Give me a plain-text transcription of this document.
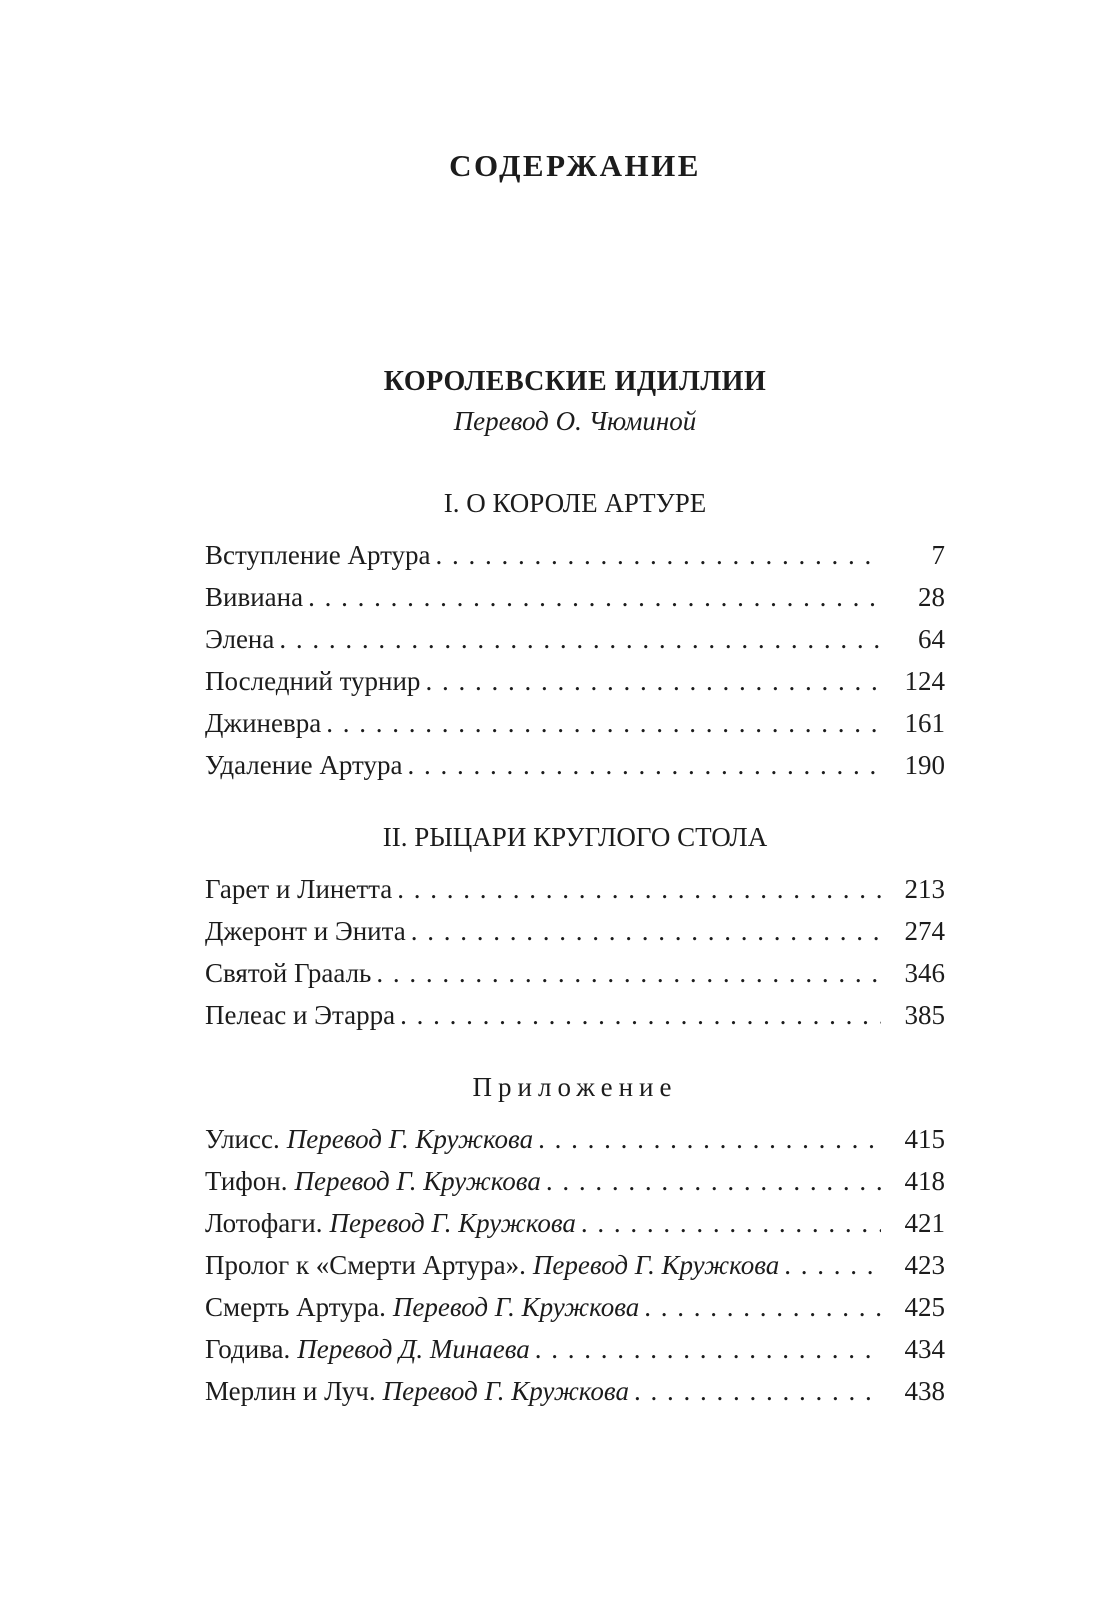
СОДЕРЖАНИЕ
КОРОЛЕВСКИЕ ИДИЛЛИИ
Перевод О. Чюминой
I. О КОРОЛЕ АРТУРЕ
Вступление Артура . . .	7
Вивиана . . .	28
Элена . . .	64
Последний турнир . . .	124
Джиневра . . .	161
Удаление Артура . . .	190
II. РЫЦАРИ КРУГЛОГО СТОЛА
Гарет и Линетта . . .	213
Джеронт и Энита . . .	274
Святой Грааль . . .	346
Пелеас и Этарра . . .	385
Приложение
Улисс. Перевод Г. Кружкова . . .	415
Тифон. Перевод Г. Кружкова . . .	418
Лотофаги. Перевод Г. Кружкова . . .	421
Пролог к «Смерти Артура». Перевод Г. Кружкова . . .	423
Смерть Артура. Перевод Г. Кружкова . . .	425
Годива. Перевод Д. Минаева . . .	434
Мерлин и Луч. Перевод Г. Кружкова . . .	438
